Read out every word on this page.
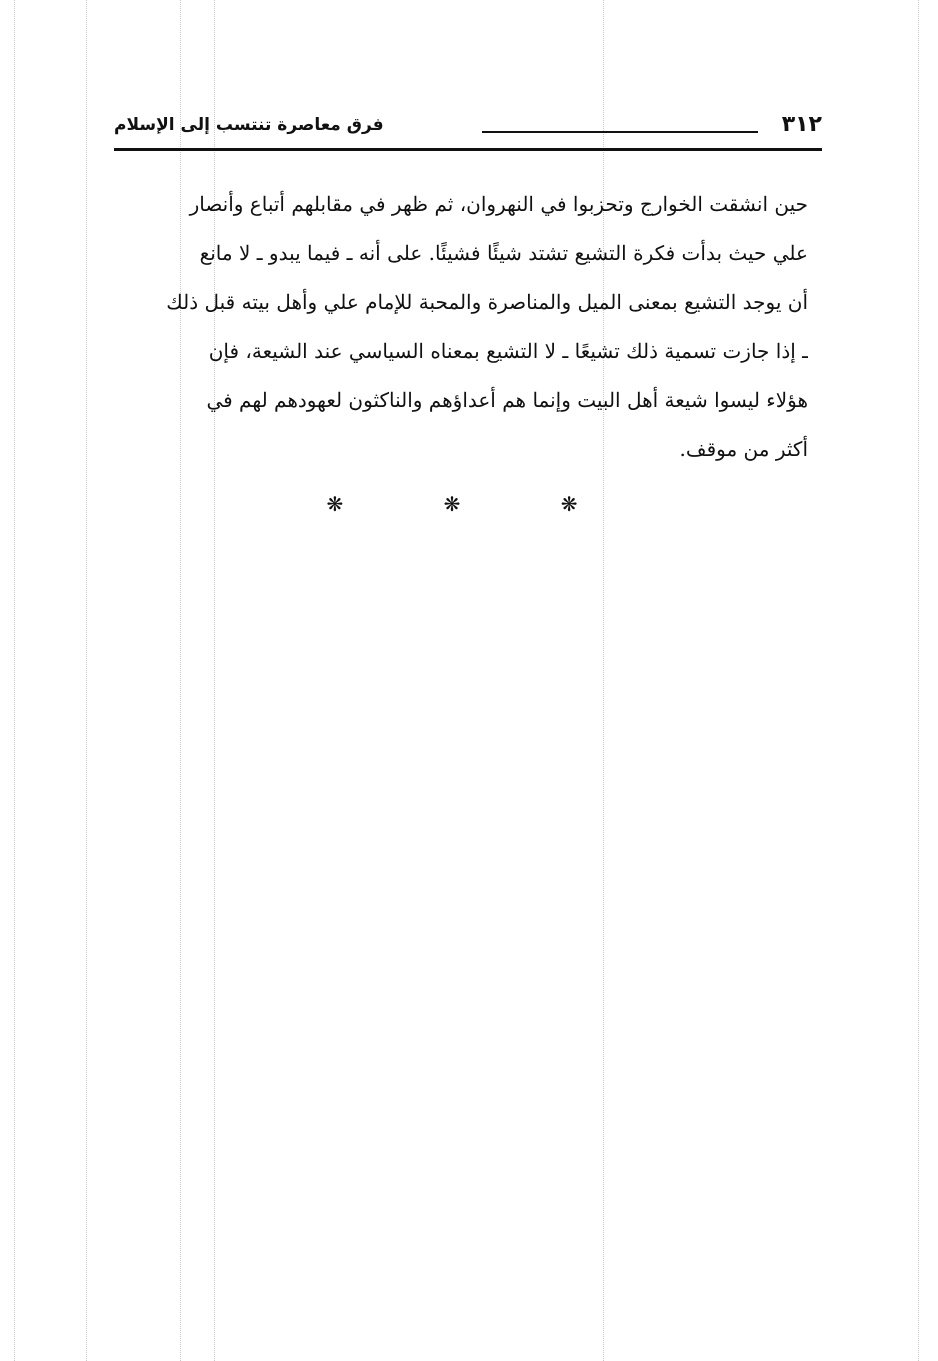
٣١٢
فرق معاصرة تنتسب إلى الإسلام
حين انشقت الخوارج وتحزبوا في النهروان، ثم ظهر في مقابلهم أتباع وأنصار
علي حيث بدأت فكرة التشيع تشتد شيئًا فشيئًا. على أنه ـ فيما يبدو ـ لا مانع
أن يوجد التشيع بمعنى الميل والمناصرة والمحبة للإمام علي وأهل بيته قبل ذلك
ـ إذا جازت تسمية ذلك تشيعًا ـ لا التشيع بمعناه السياسي عند الشيعة، فإن
هؤلاء ليسوا شيعة أهل البيت وإنما هم أعداؤهم والناكثون لعهودهم لهم في
أكثر من موقف.
❋	❋	❋
